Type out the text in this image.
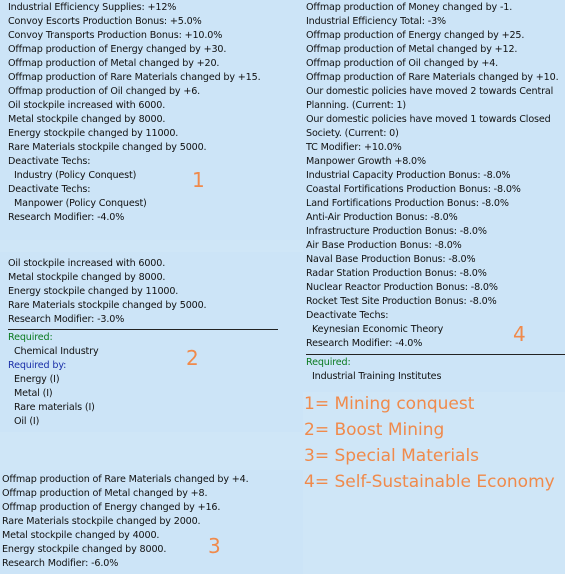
Industrial Efficiency Supplies: +12%
Convoy Escorts Production Bonus: +5.0%
Convoy Transports Production Bonus: +10.0%
Offmap production of Energy changed by +30.
Offmap production of Metal changed by +20.
Offmap production of Rare Materials changed by +15.
Offmap production of Oil changed by +6.
Oil stockpile increased with 6000.
Metal stockpile changed by 8000.
Energy stockpile changed by 11000.
Rare Materials stockpile changed by 5000.
Deactivate Techs:
Industry (Policy Conquest)
Deactivate Techs:
Manpower (Policy Conquest)
Research Modifier: -4.0%
1
Oil stockpile increased with 6000.
Metal stockpile changed by 8000.
Energy stockpile changed by 11000.
Rare Materials stockpile changed by 5000.
Research Modifier: -3.0%
Required:
Chemical Industry
Required by:
Energy (I)
Metal (I)
Rare materials (I)
Oil (I)
2
Offmap production of Rare Materials changed by +4.
Offmap production of Metal changed by +8.
Offmap production of Energy changed by +16.
Rare Materials stockpile changed by 2000.
Metal stockpile changed by 4000.
Energy stockpile changed by 8000.
Research Modifier: -6.0%
3
Offmap production of Money changed by -1.
Industrial Efficiency Total: -3%
Offmap production of Energy changed by +25.
Offmap production of Metal changed by +12.
Offmap production of Oil changed by +4.
Offmap production of Rare Materials changed by +10.
Our domestic policies have moved 2 towards Central
Planning. (Current: 1)
Our domestic policies have moved 1 towards Closed
Society. (Current: 0)
TC Modifier: +10.0%
Manpower Growth +8.0%
Industrial Capacity Production Bonus: -8.0%
Coastal Fortifications Production Bonus: -8.0%
Land Fortifications Production Bonus: -8.0%
Anti-Air Production Bonus: -8.0%
Infrastructure Production Bonus: -8.0%
Air Base Production Bonus: -8.0%
Naval Base Production Bonus: -8.0%
Radar Station Production Bonus: -8.0%
Nuclear Reactor Production Bonus: -8.0%
Rocket Test Site Production Bonus: -8.0%
Deactivate Techs:
Keynesian Economic Theory
Research Modifier: -4.0%
Required:
Industrial Training Institutes
4
1= Mining conquest
2= Boost Mining
3= Special Materials
4= Self-Sustainable Economy
